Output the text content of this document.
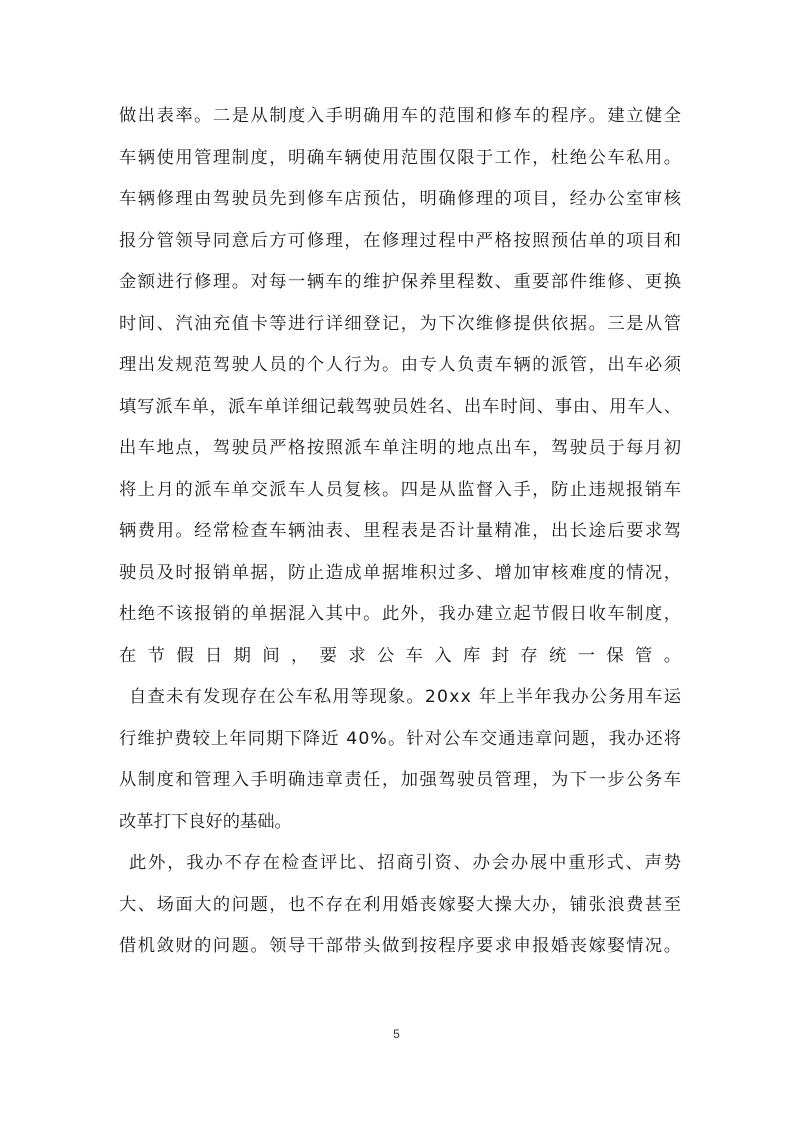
做出表率。二是从制度入手明确用车的范围和修车的程序。建立健全
车辆使用管理制度，明确车辆使用范围仅限于工作，杜绝公车私用。
车辆修理由驾驶员先到修车店预估，明确修理的项目，经办公室审核
报分管领导同意后方可修理，在修理过程中严格按照预估单的项目和
金额进行修理。对每一辆车的维护保养里程数、重要部件维修、更换
时间、汽油充值卡等进行详细登记，为下次维修提供依据。三是从管
理出发规范驾驶人员的个人行为。由专人负责车辆的派管，出车必须
填写派车单，派车单详细记载驾驶员姓名、出车时间、事由、用车人、
出车地点，驾驶员严格按照派车单注明的地点出车，驾驶员于每月初
将上月的派车单交派车人员复核。四是从监督入手，防止违规报销车
辆费用。经常检查车辆油表、里程表是否计量精准，出长途后要求驾
驶员及时报销单据，防止造成单据堆积过多、增加审核难度的情况，
杜绝不该报销的单据混入其中。此外，我办建立起节假日收车制度，
在节假日期间，要求公车入库封存统一保管。
自查未有发现存在公车私用等现象。20xx 年上半年我办公务用车运
行维护费较上年同期下降近 40%。针对公车交通违章问题，我办还将
从制度和管理入手明确违章责任，加强驾驶员管理，为下一步公务车
改革打下良好的基础。
此外，我办不存在检查评比、招商引资、办会办展中重形式、声势
大、场面大的问题，也不存在利用婚丧嫁娶大操大办，铺张浪费甚至
借机敛财的问题。领导干部带头做到按程序要求申报婚丧嫁娶情况。
5
